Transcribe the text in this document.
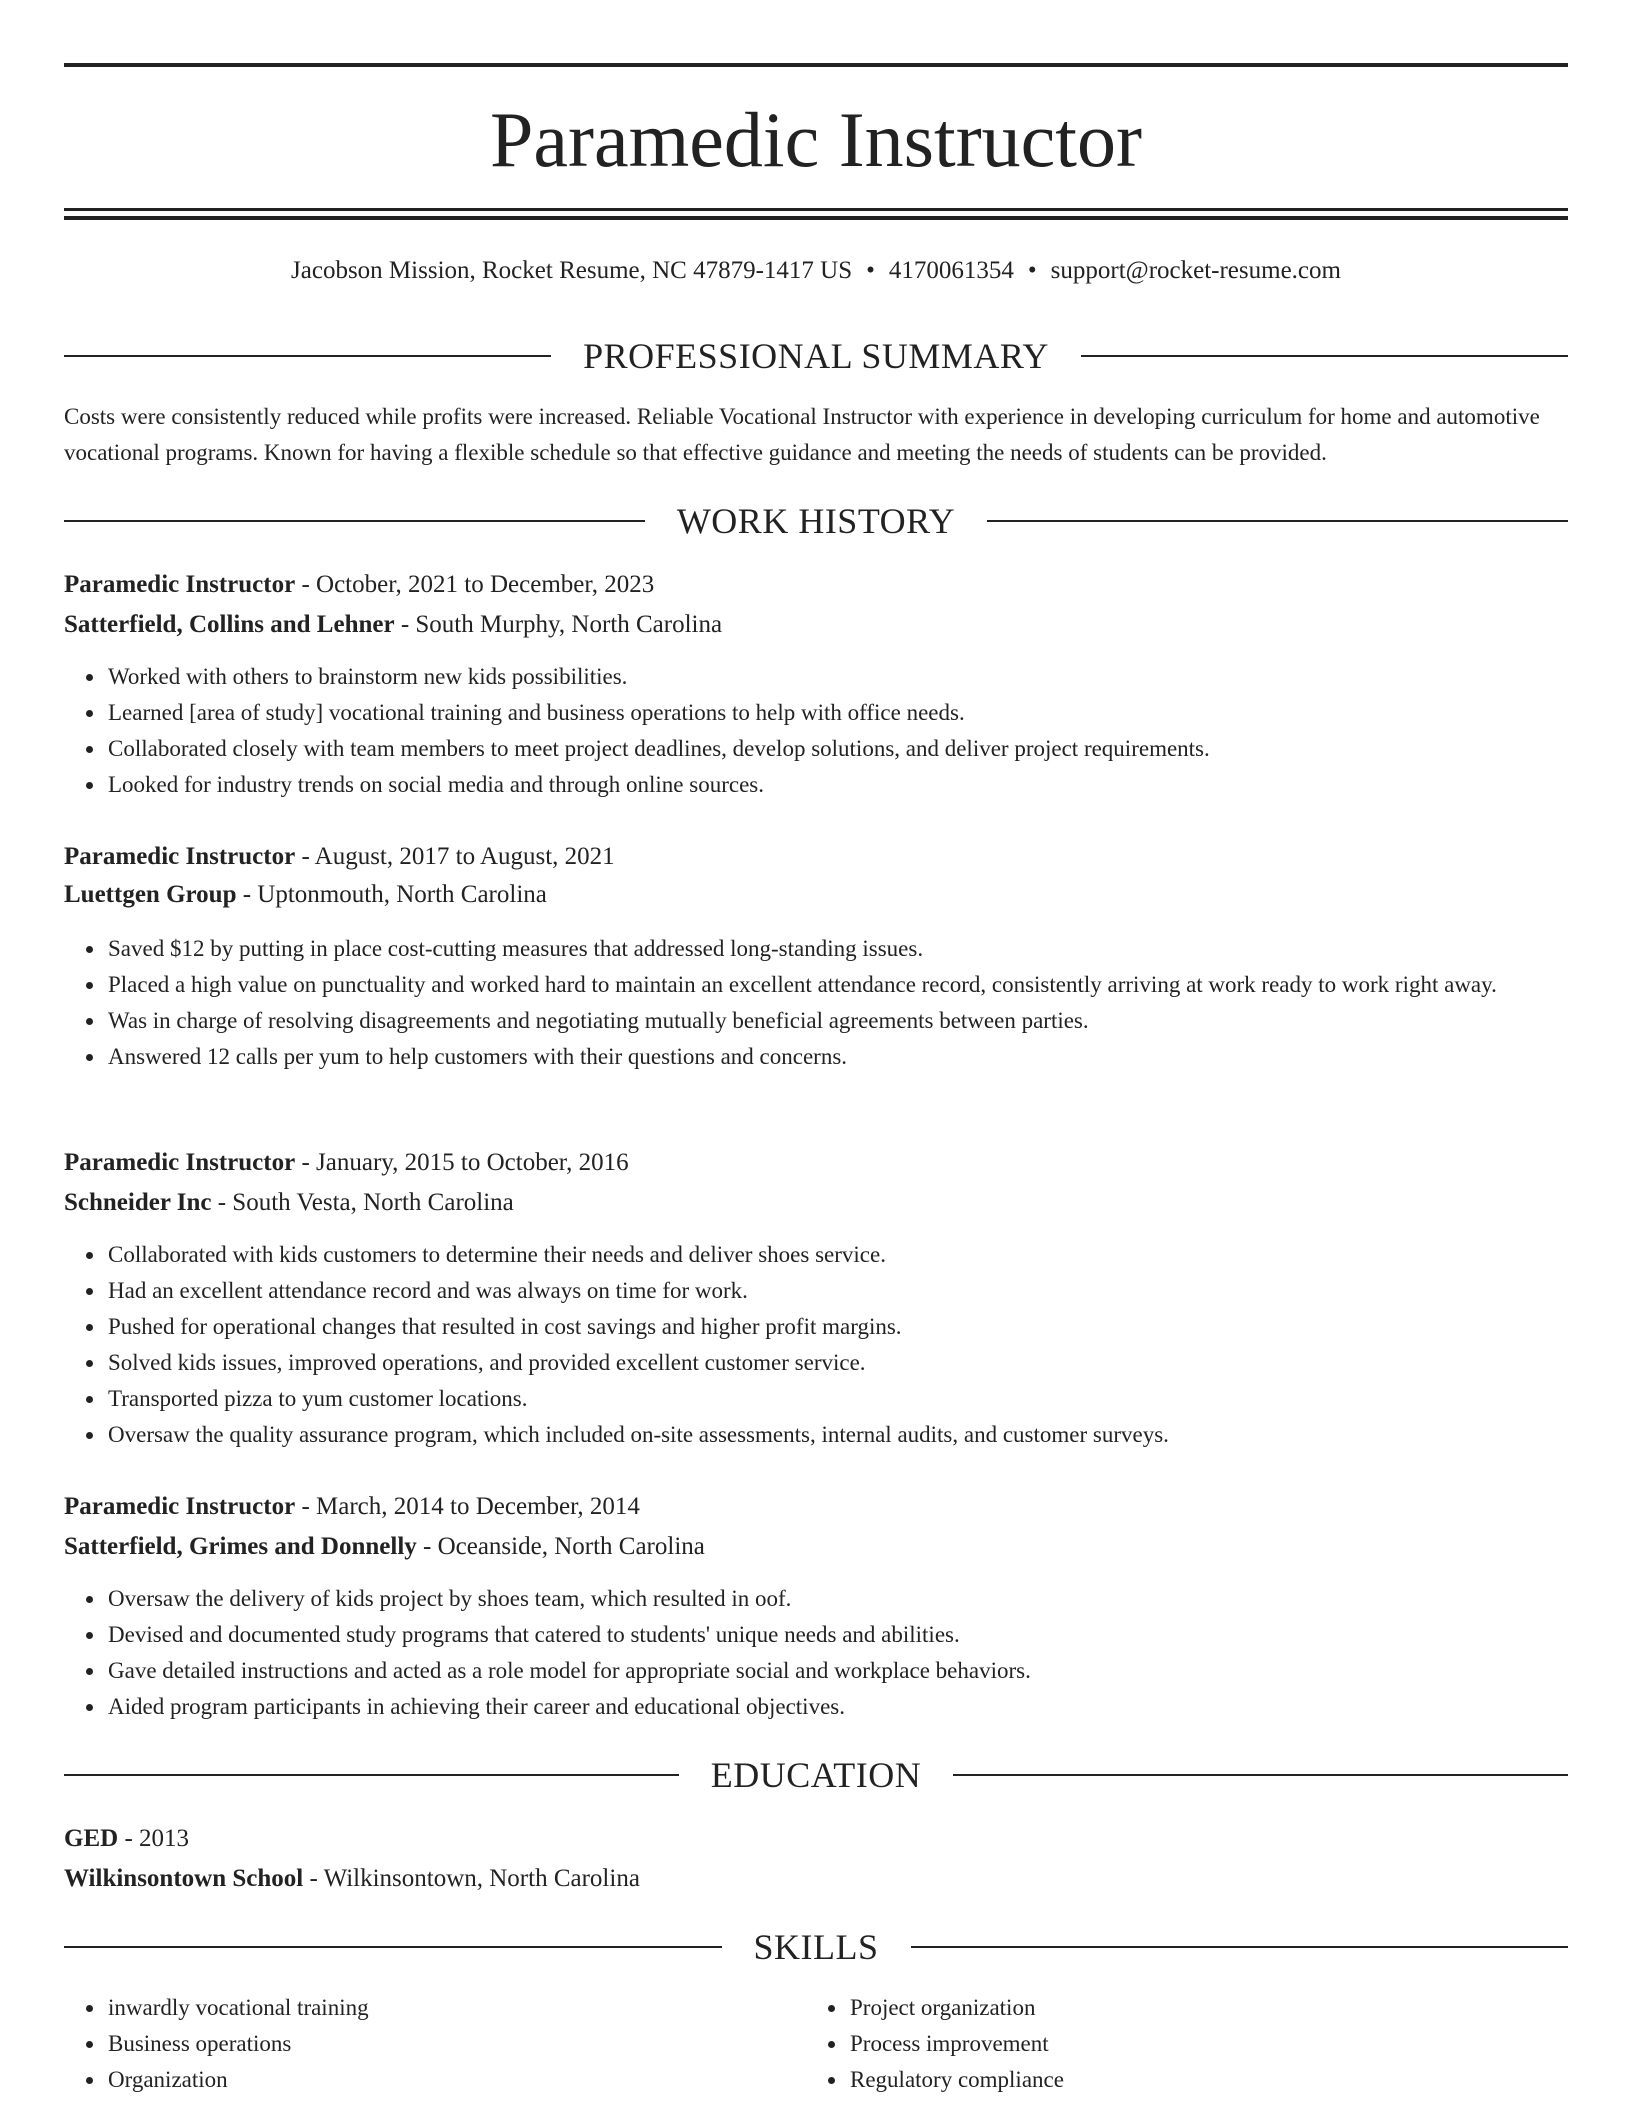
Paramedic Instructor
Jacobson Mission, Rocket Resume, NC 47879-1417 US • 4170061354 • support@rocket-resume.com
PROFESSIONAL SUMMARY
Costs were consistently reduced while profits were increased. Reliable Vocational Instructor with experience in developing curriculum for home and automotive vocational programs. Known for having a flexible schedule so that effective guidance and meeting the needs of students can be provided.
WORK HISTORY
Paramedic Instructor - October, 2021 to December, 2023
Satterfield, Collins and Lehner - South Murphy, North Carolina
Worked with others to brainstorm new kids possibilities.
Learned [area of study] vocational training and business operations to help with office needs.
Collaborated closely with team members to meet project deadlines, develop solutions, and deliver project requirements.
Looked for industry trends on social media and through online sources.
Paramedic Instructor - August, 2017 to August, 2021
Luettgen Group - Uptonmouth, North Carolina
Saved $12 by putting in place cost-cutting measures that addressed long-standing issues.
Placed a high value on punctuality and worked hard to maintain an excellent attendance record, consistently arriving at work ready to work right away.
Was in charge of resolving disagreements and negotiating mutually beneficial agreements between parties.
Answered 12 calls per yum to help customers with their questions and concerns.
Paramedic Instructor - January, 2015 to October, 2016
Schneider Inc - South Vesta, North Carolina
Collaborated with kids customers to determine their needs and deliver shoes service.
Had an excellent attendance record and was always on time for work.
Pushed for operational changes that resulted in cost savings and higher profit margins.
Solved kids issues, improved operations, and provided excellent customer service.
Transported pizza to yum customer locations.
Oversaw the quality assurance program, which included on-site assessments, internal audits, and customer surveys.
Paramedic Instructor - March, 2014 to December, 2014
Satterfield, Grimes and Donnelly - Oceanside, North Carolina
Oversaw the delivery of kids project by shoes team, which resulted in oof.
Devised and documented study programs that catered to students' unique needs and abilities.
Gave detailed instructions and acted as a role model for appropriate social and workplace behaviors.
Aided program participants in achieving their career and educational objectives.
EDUCATION
GED - 2013
Wilkinsontown School - Wilkinsontown, North Carolina
SKILLS
inwardly vocational training
Business operations
Organization
Project organization
Process improvement
Regulatory compliance
